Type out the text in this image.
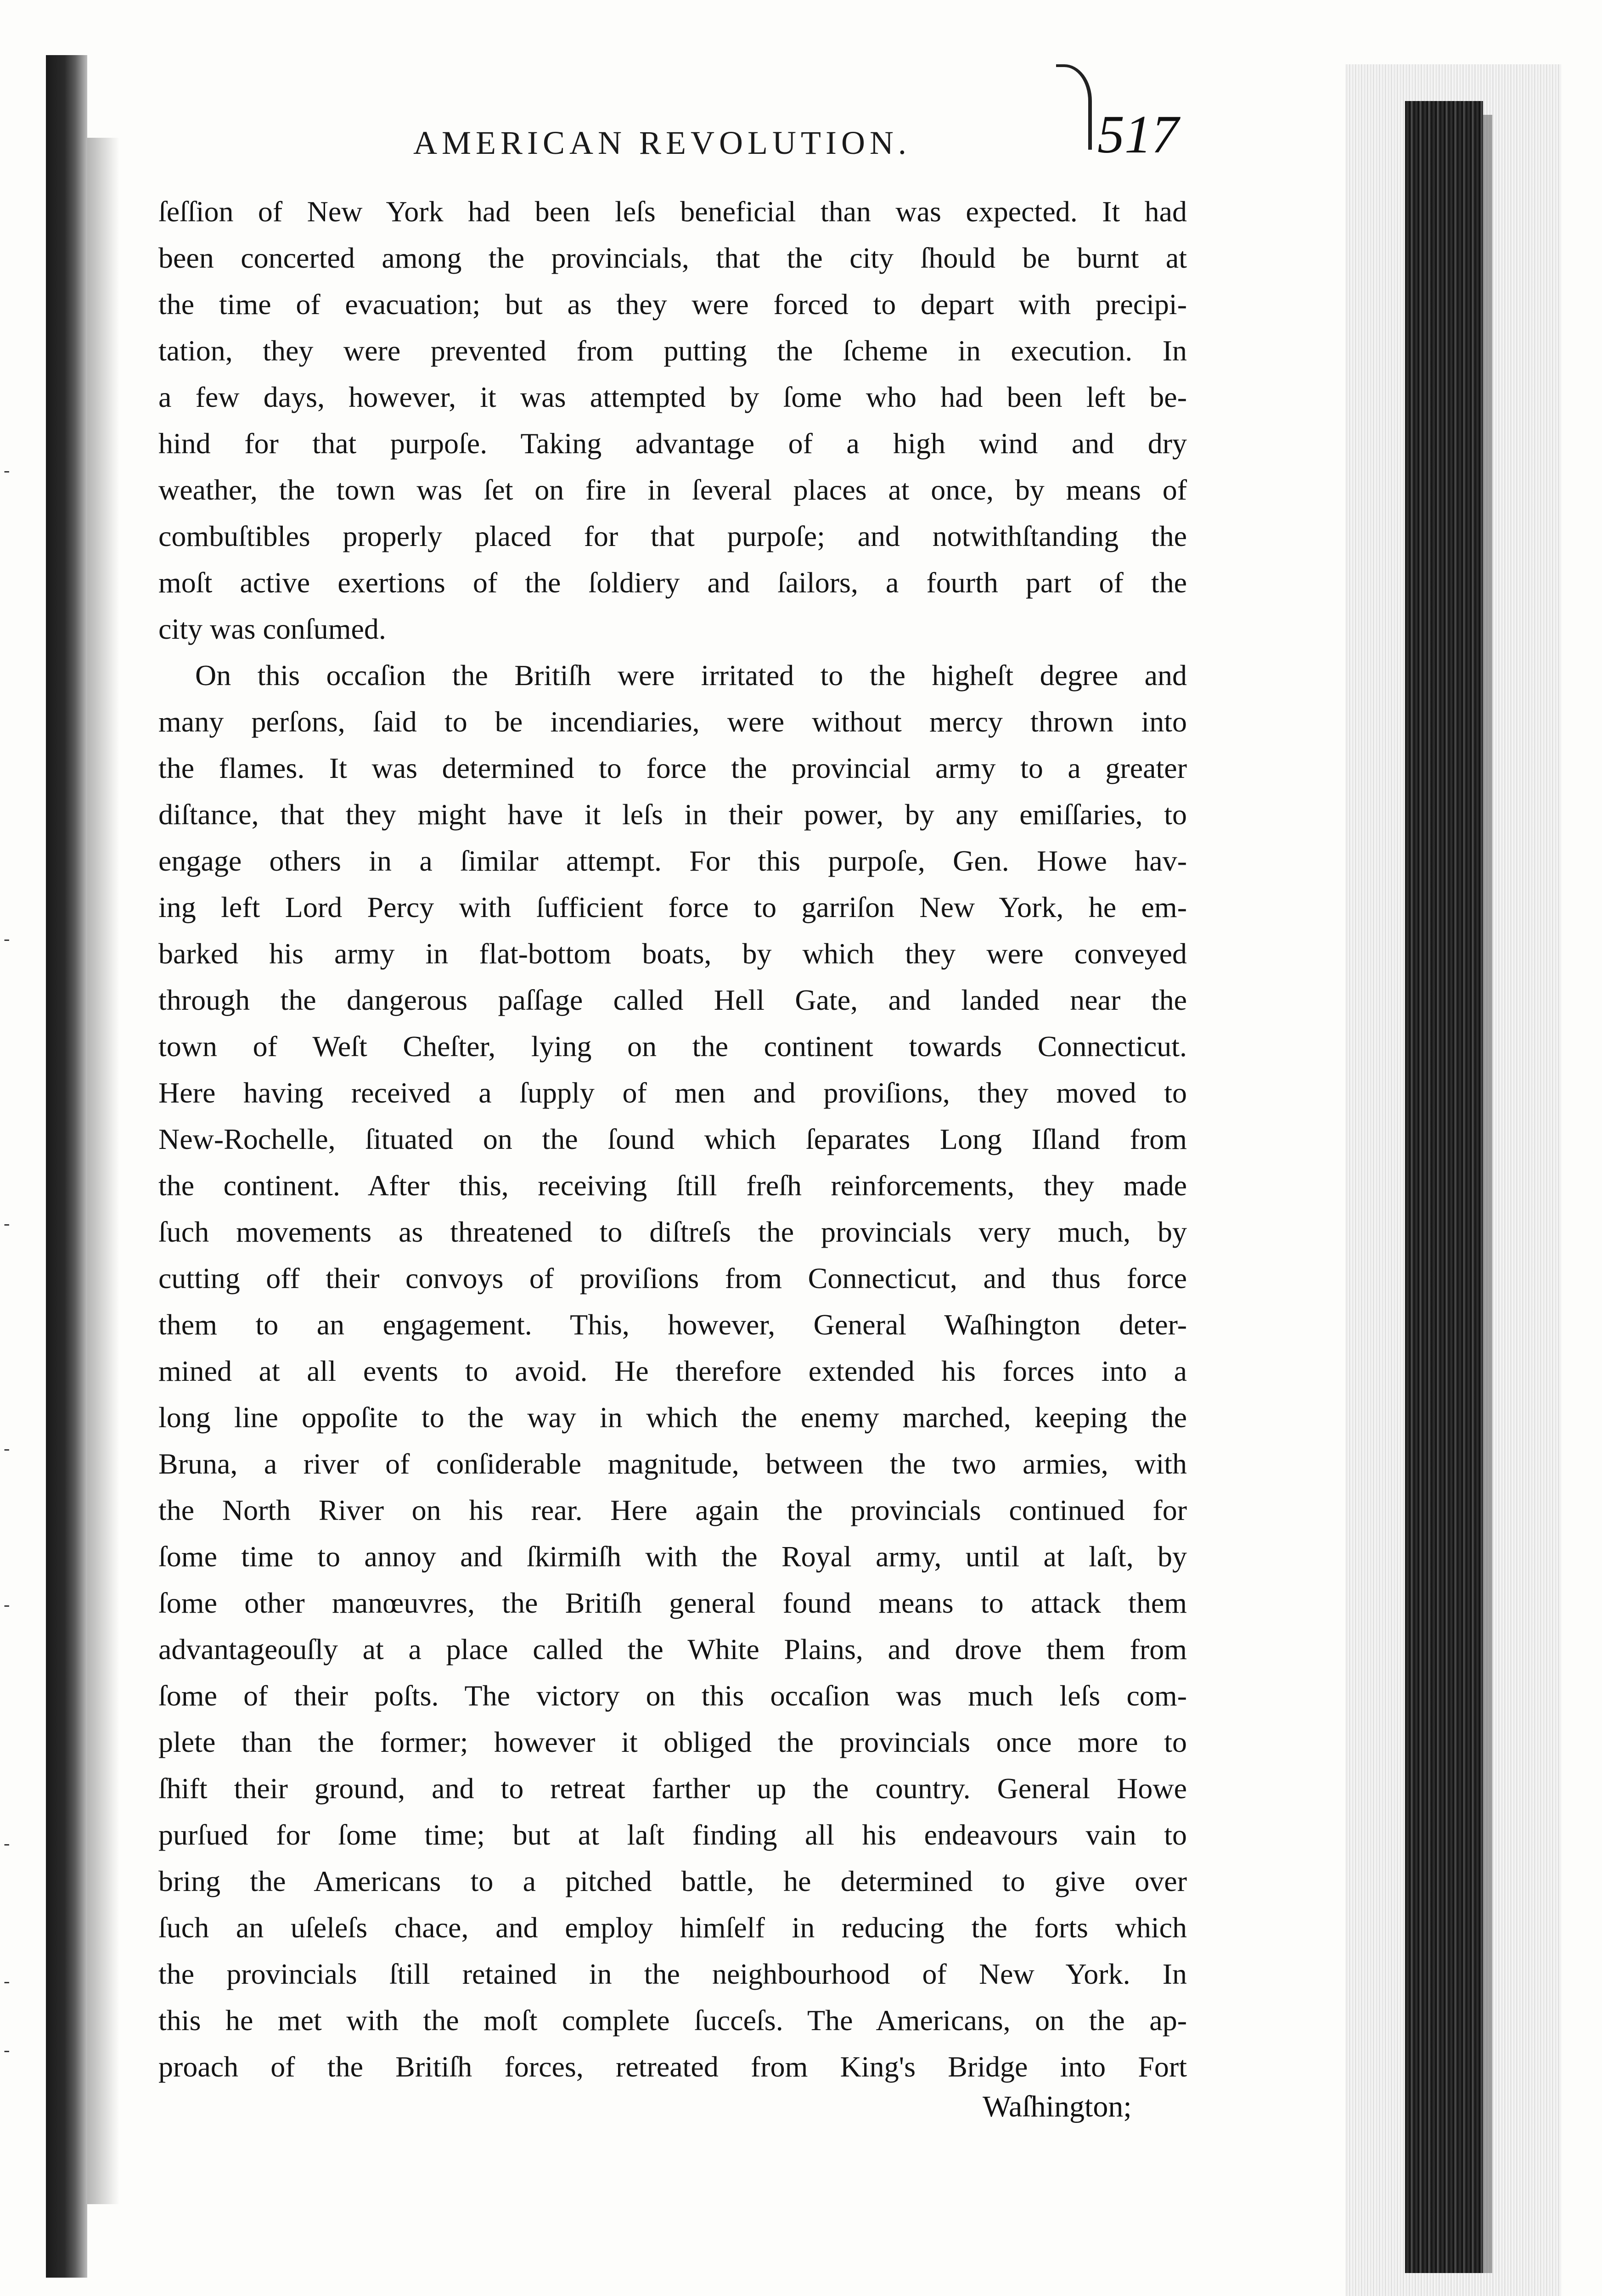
-
-
-
-
-
-
-
-
AMERICAN REVOLUTION.	517

ſeſſion of New York had been leſs beneficial than was expected. It had

been concerted among the provincials, that the city ſhould be burnt at

the time of evacuation; but as they were forced to depart with precipi-

tation, they were prevented from putting the ſcheme in execution. In

a few days, however, it was attempted by ſome who had been left be-

hind for that purpoſe. Taking advantage of a high wind and dry

weather, the town was ſet on fire in ſeveral places at once, by means of

combuſtibles properly placed for that purpoſe; and notwithſtanding the

moſt active exertions of the ſoldiery and ſailors, a fourth part of the

city was conſumed.

On this occaſion the Britiſh were irritated to the higheſt degree and

many perſons, ſaid to be incendiaries, were without mercy thrown into

the flames. It was determined to force the provincial army to a greater

diſtance, that they might have it leſs in their power, by any emiſſaries, to

engage others in a ſimilar attempt. For this purpoſe, Gen. Howe hav-

ing left Lord Percy with ſufficient force to garriſon New York, he em-

barked his army in flat-bottom boats, by which they were conveyed

through the dangerous paſſage called Hell Gate, and landed near the

town of Weſt Cheſter, lying on the continent towards Connecticut.

Here having received a ſupply of men and proviſions, they moved to

New-Rochelle, ſituated on the ſound which ſeparates Long Iſland from

the continent. After this, receiving ſtill freſh reinforcements, they made

ſuch movements as threatened to diſtreſs the provincials very much, by

cutting off their convoys of proviſions from Connecticut, and thus force

them to an engagement. This, however, General Waſhington deter-

mined at all events to avoid. He therefore extended his forces into a

long line oppoſite to the way in which the enemy marched, keeping the

Bruna, a river of conſiderable magnitude, between the two armies, with

the North River on his rear. Here again the provincials continued for

ſome time to annoy and ſkirmiſh with the Royal army, until at laſt, by

ſome other manœuvres, the Britiſh general found means to attack them

advantageouſly at a place called the White Plains, and drove them from

ſome of their poſts. The victory on this occaſion was much leſs com-

plete than the former; however it obliged the provincials once more to

ſhift their ground, and to retreat farther up the country. General Howe

purſued for ſome time; but at laſt finding all his endeavours vain to

bring the Americans to a pitched battle, he determined to give over

ſuch an uſeleſs chace, and employ himſelf in reducing the forts which

the provincials ſtill retained in the neighbourhood of New York. In

this he met with the moſt complete ſucceſs. The Americans, on the ap-

proach of the Britiſh forces, retreated from King's Bridge into Fort

Waſhington;
